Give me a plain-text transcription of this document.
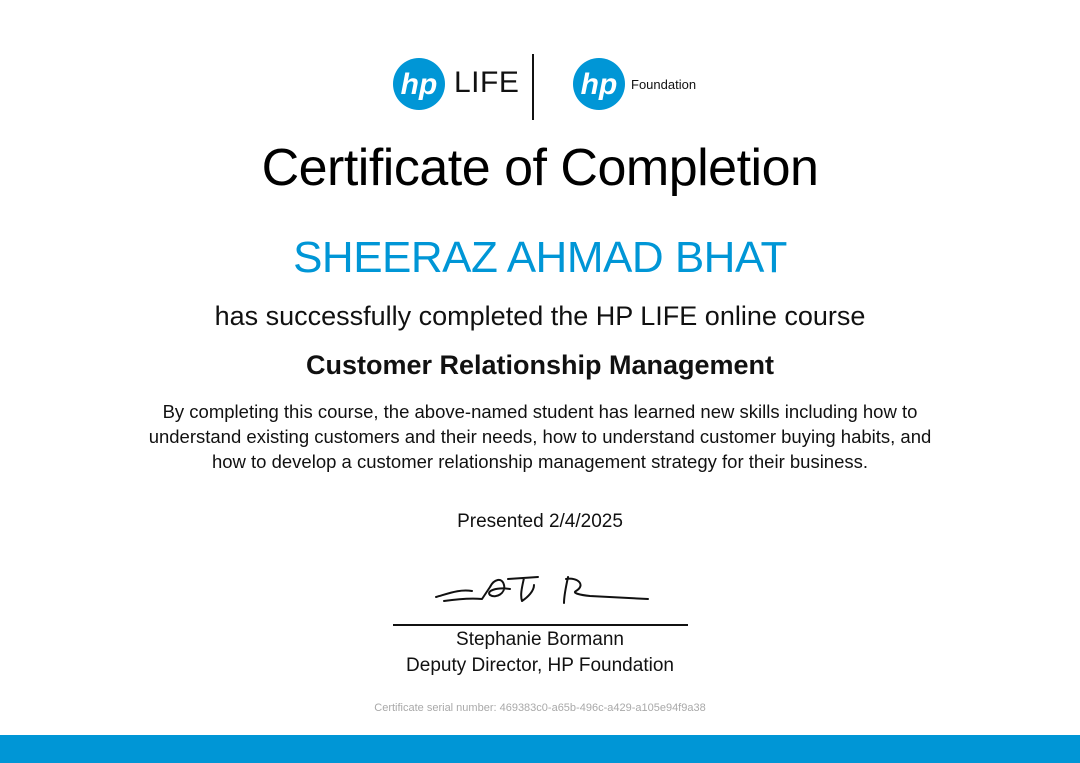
hp LIFE hp Foundation
Certificate of Completion
SHEERAZ AHMAD BHAT
has successfully completed the HP LIFE online course
Customer Relationship Management
By completing this course, the above-named student has learned new skills including how to understand existing customers and their needs, how to understand customer buying habits, and how to develop a customer relationship management strategy for their business.
Presented 2/4/2025
Stephanie Bormann
Deputy Director, HP Foundation
Certificate serial number: 469383c0-a65b-496c-a429-a105e94f9a38
